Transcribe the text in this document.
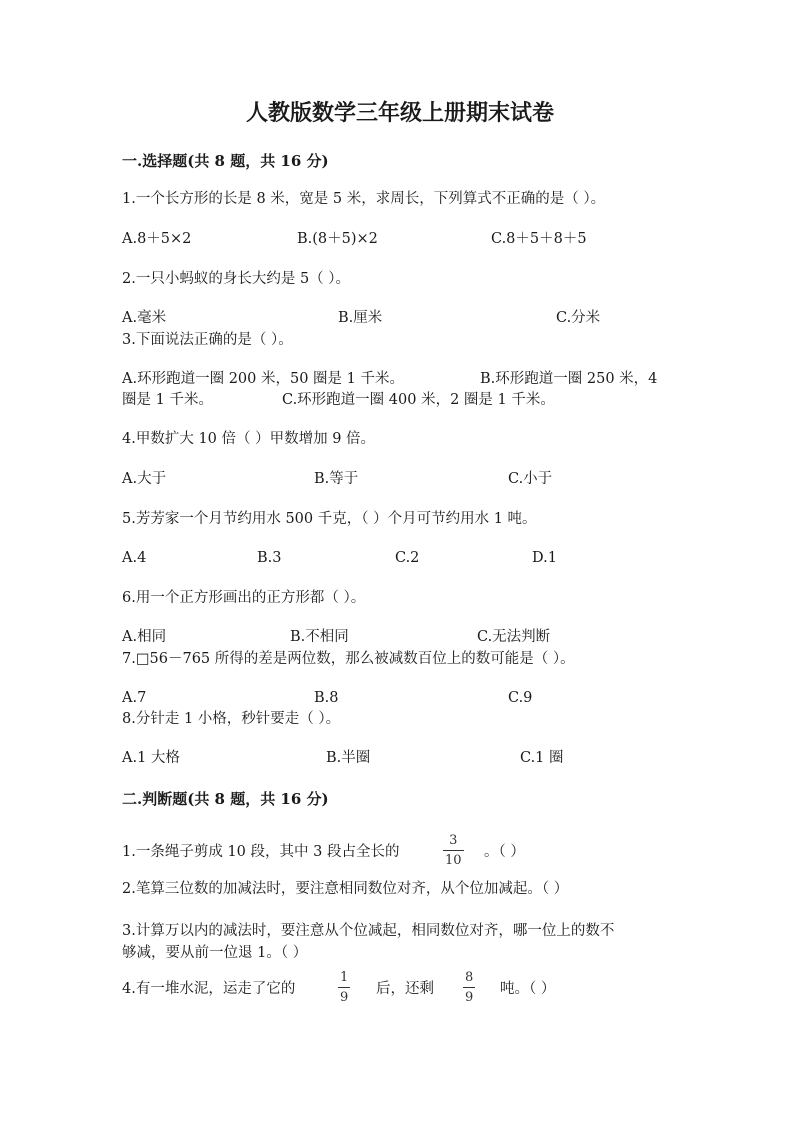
人教版数学三年级上册期末试卷
一.选择题(共 8 题，共 16 分)
1.一个长方形的长是 8 米，宽是 5 米，求周长，下列算式不正确的是（ ）。
A.8＋5×2	B.(8＋5)×2	C.8＋5＋8＋5
2.一只小蚂蚁的身长大约是 5（ ）。
A.毫米	B.厘米	C.分米
3.下面说法正确的是（ ）。
A.环形跑道一圈 200 米，50 圈是 1 千米。	B.环形跑道一圈 250 米，4
圈是 1 千米。	C.环形跑道一圈 400 米，2 圈是 1 千米。
4.甲数扩大 10 倍（ ）甲数增加 9 倍。
A.大于	B.等于	C.小于
5.芳芳家一个月节约用水 500 千克，（ ）个月可节约用水 1 吨。
A.4	B.3	C.2	D.1
6.用一个正方形画出的正方形都（ ）。
A.相同	B.不相同	C.无法判断
7.□56－765 所得的差是两位数，那么被减数百位上的数可能是（ ）。
A.7	B.8	C.9
8.分针走 1 小格，秒针要走（ ）。
A.1 大格	B.半圈	C.1 圈
二.判断题(共 8 题，共 16 分)
1.一条绳子剪成 10 段，其中 3 段占全长的
3
10
。（ ）
2.笔算三位数的加减法时，要注意相同数位对齐，从个位加减起。（ ）
3.计算万以内的减法时，要注意从个位减起，相同数位对齐，哪一位上的数不
够减，要从前一位退 1。（ ）
4.有一堆水泥，运走了它的
1
9
后，还剩
8
9
吨。（ ）
